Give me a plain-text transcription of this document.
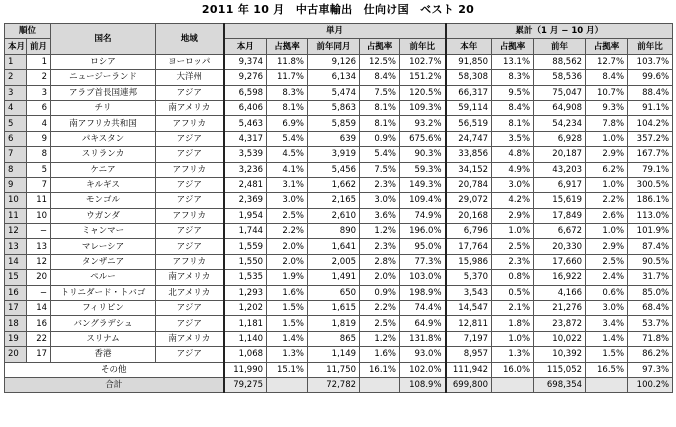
2011 年 10 月　中古車輸出　仕向け国　ベスト 20
順位		国名	地域	単月					累計（1 月 − 10 月）				
本月	前月			本月	占拠率	前年同月	占拠率	前年比	本年	占拠率	前年	占拠率	前年比
1	1	ロシア	ヨーロッパ	9,374	11.8%	9,126	12.5%	102.7%	91,850	13.1%	88,562	12.7%	103.7%
2	2	ニュージーランド	大洋州	9,276	11.7%	6,134	8.4%	151.2%	58,308	8.3%	58,536	8.4%	99.6%
3	3	アラブ首長国連邦	アジア	6,598	8.3%	5,474	7.5%	120.5%	66,317	9.5%	75,047	10.7%	88.4%
4	6	チリ	南アメリカ	6,406	8.1%	5,863	8.1%	109.3%	59,114	8.4%	64,908	9.3%	91.1%
5	4	南アフリカ共和国	アフリカ	5,463	6.9%	5,859	8.1%	93.2%	56,519	8.1%	54,234	7.8%	104.2%
6	9	パキスタン	アジア	4,317	5.4%	639	0.9%	675.6%	24,747	3.5%	6,928	1.0%	357.2%
7	8	スリランカ	アジア	3,539	4.5%	3,919	5.4%	90.3%	33,856	4.8%	20,187	2.9%	167.7%
8	5	ケニア	アフリカ	3,236	4.1%	5,456	7.5%	59.3%	34,152	4.9%	43,203	6.2%	79.1%
9	7	キルギス	アジア	2,481	3.1%	1,662	2.3%	149.3%	20,784	3.0%	6,917	1.0%	300.5%
10	11	モンゴル	アジア	2,369	3.0%	2,165	3.0%	109.4%	29,072	4.2%	15,619	2.2%	186.1%
11	10	ウガンダ	アフリカ	1,954	2.5%	2,610	3.6%	74.9%	20,168	2.9%	17,849	2.6%	113.0%
12	−	ミャンマー	アジア	1,744	2.2%	890	1.2%	196.0%	6,796	1.0%	6,672	1.0%	101.9%
13	13	マレーシア	アジア	1,559	2.0%	1,641	2.3%	95.0%	17,764	2.5%	20,330	2.9%	87.4%
14	12	タンザニア	アフリカ	1,550	2.0%	2,005	2.8%	77.3%	15,986	2.3%	17,660	2.5%	90.5%
15	20	ペルー	南アメリカ	1,535	1.9%	1,491	2.0%	103.0%	5,370	0.8%	16,922	2.4%	31.7%
16	−	トリニダード・トバゴ	北アメリカ	1,293	1.6%	650	0.9%	198.9%	3,543	0.5%	4,166	0.6%	85.0%
17	14	フィリピン	アジア	1,202	1.5%	1,615	2.2%	74.4%	14,547	2.1%	21,276	3.0%	68.4%
18	16	バングラデシュ	アジア	1,181	1.5%	1,819	2.5%	64.9%	12,811	1.8%	23,872	3.4%	53.7%
19	22	スリナム	南アメリカ	1,140	1.4%	865	1.2%	131.8%	7,197	1.0%	10,022	1.4%	71.8%
20	17	香港	アジア	1,068	1.3%	1,149	1.6%	93.0%	8,957	1.3%	10,392	1.5%	86.2%
その他				11,990	15.1%	11,750	16.1%	102.0%	111,942	16.0%	115,052	16.5%	97.3%
合計				79,275		72,782		108.9%	699,800		698,354		100.2%
